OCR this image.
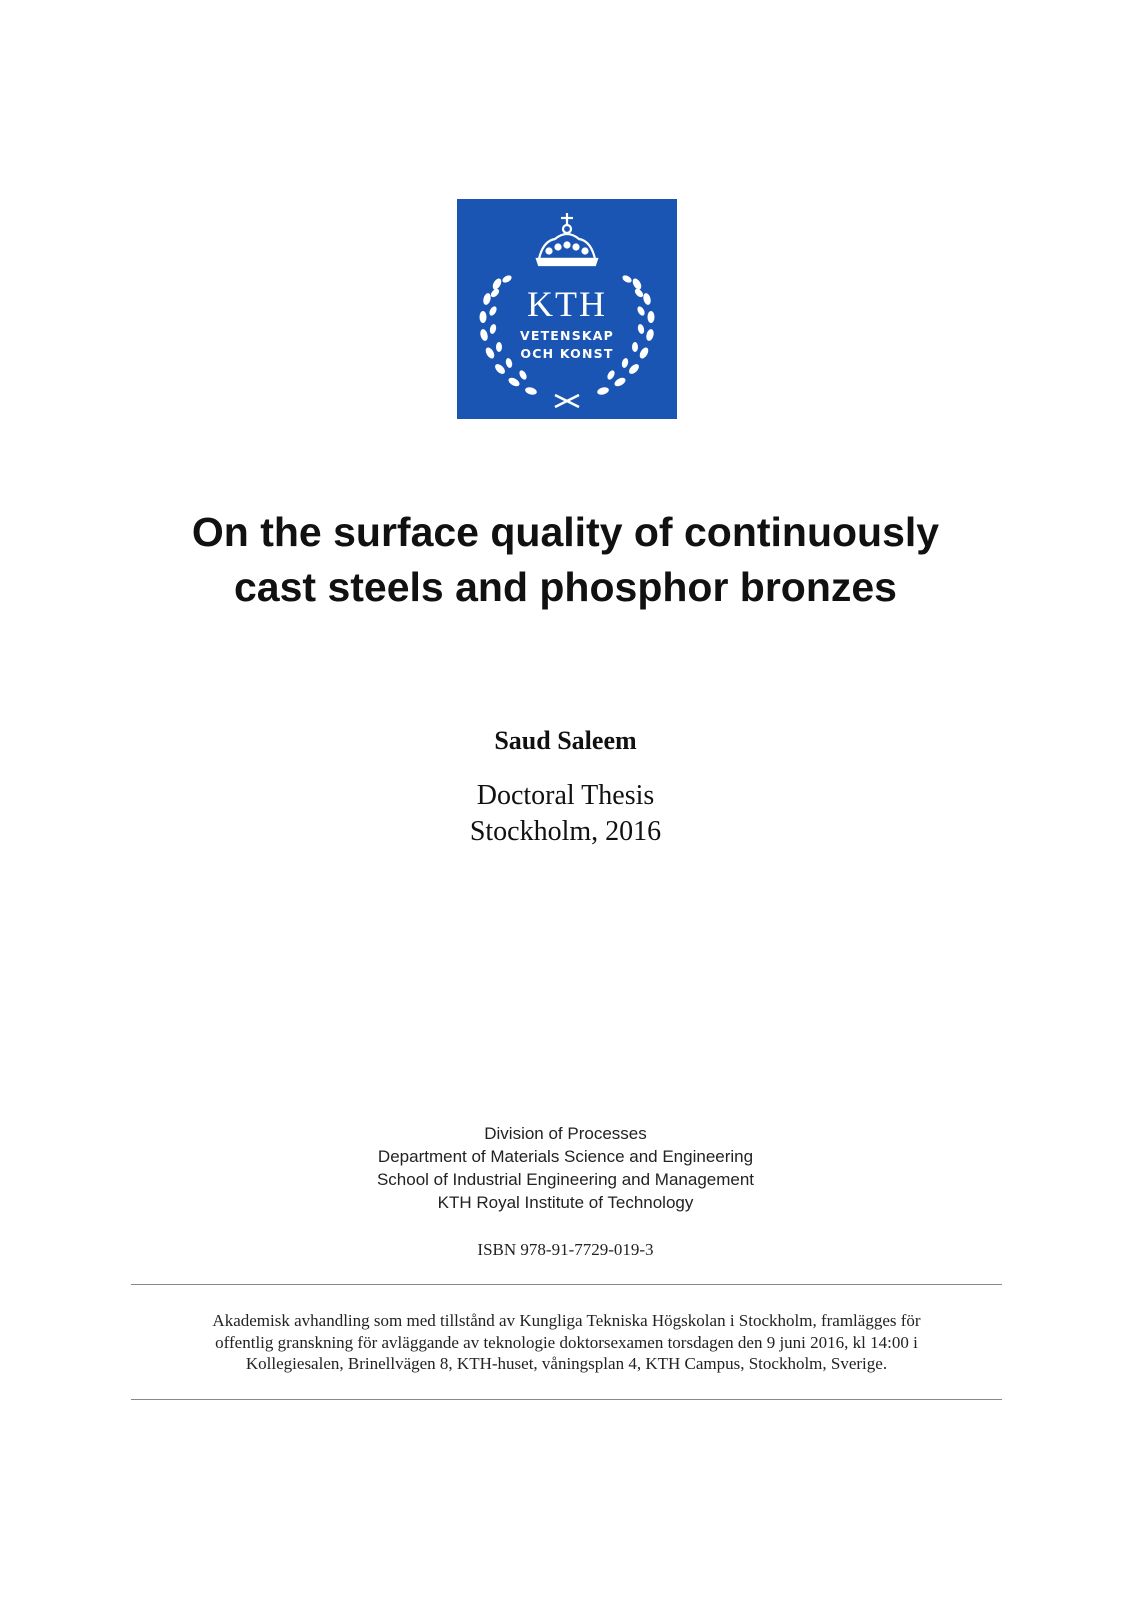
KTH
VETENSKAP
OCH KONST
On the surface quality of continuously
cast steels and phosphor bronzes
Saud Saleem
Doctoral Thesis
Stockholm, 2016
Division of Processes
Department of Materials Science and Engineering
School of Industrial Engineering and Management
KTH Royal Institute of Technology
ISBN 978-91-7729-019-3
Akademisk avhandling som med tillstånd av Kungliga Tekniska Högskolan i Stockholm, framlägges för
offentlig granskning för avläggande av teknologie doktorsexamen torsdagen den 9 juni 2016, kl 14:00 i
Kollegiesalen, Brinellvägen 8, KTH-huset, våningsplan 4, KTH Campus, Stockholm, Sverige.
